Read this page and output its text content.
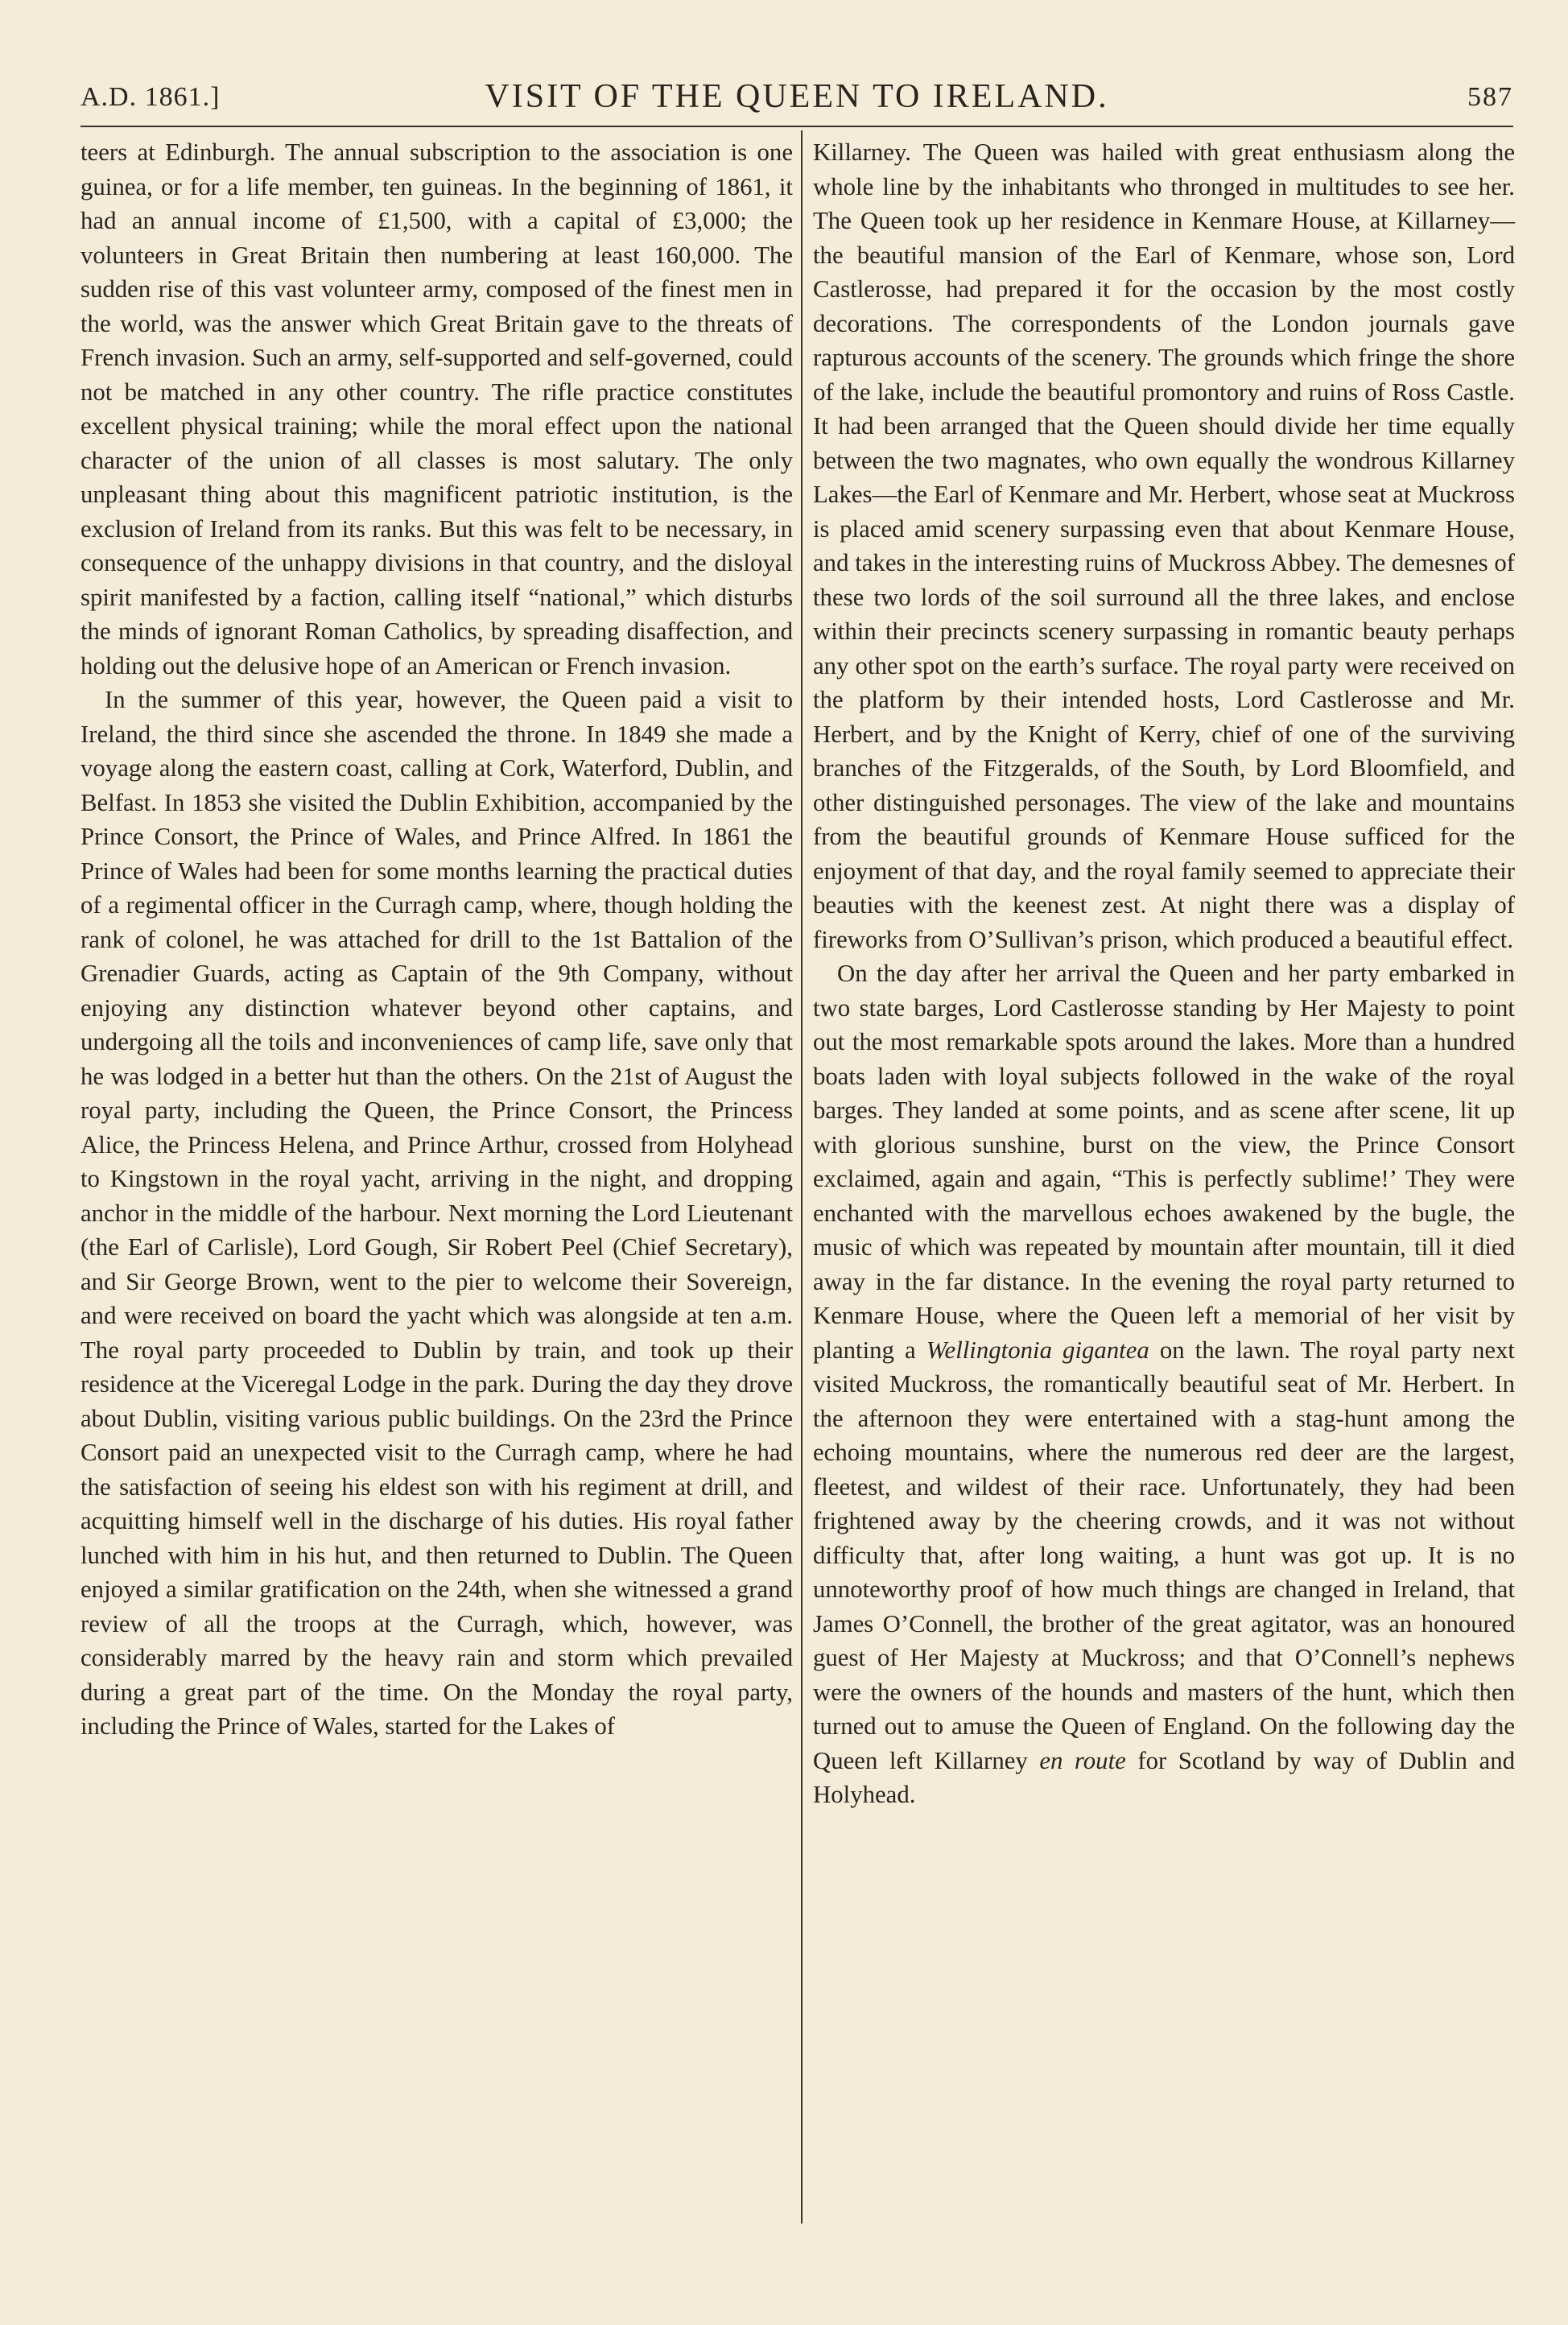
A.D. 1861.]	VISIT OF THE QUEEN TO IRELAND.	587

teers at Edinburgh. The annual subscription to the association is one guinea, or for a life member, ten guineas. In the beginning of 1861, it had an annual income of £1,500, with a capital of £3,000; the volunteers in Great Britain then numbering at least 160,000. The sudden rise of this vast volunteer army, composed of the finest men in the world, was the answer which Great Britain gave to the threats of French invasion. Such an army, self-supported and self-governed, could not be matched in any other country. The rifle practice constitutes excellent physical training; while the moral effect upon the national character of the union of all classes is most salutary. The only unpleasant thing about this magnificent patriotic institution, is the exclusion of Ireland from its ranks. But this was felt to be necessary, in consequence of the unhappy divisions in that country, and the disloyal spirit manifested by a faction, calling itself “national,” which disturbs the minds of ignorant Roman Catholics, by spreading disaffection, and holding out the delusive hope of an American or French invasion.

In the summer of this year, however, the Queen paid a visit to Ireland, the third since she ascended the throne. In 1849 she made a voyage along the eastern coast, calling at Cork, Waterford, Dublin, and Belfast. In 1853 she visited the Dublin Exhibition, accompanied by the Prince Consort, the Prince of Wales, and Prince Alfred. In 1861 the Prince of Wales had been for some months learning the practical duties of a regimental officer in the Curragh camp, where, though holding the rank of colonel, he was attached for drill to the 1st Battalion of the Grenadier Guards, acting as Captain of the 9th Company, without enjoying any distinction whatever beyond other captains, and undergoing all the toils and inconveniences of camp life, save only that he was lodged in a better hut than the others. On the 21st of August the royal party, including the Queen, the Prince Consort, the Princess Alice, the Princess Helena, and Prince Arthur, crossed from Holyhead to Kingstown in the royal yacht, arriving in the night, and dropping anchor in the middle of the harbour. Next morning the Lord Lieutenant (the Earl of Carlisle), Lord Gough, Sir Robert Peel (Chief Secretary), and Sir George Brown, went to the pier to welcome their Sovereign, and were received on board the yacht which was alongside at ten a.m. The royal party proceeded to Dublin by train, and took up their residence at the Viceregal Lodge in the park. During the day they drove about Dublin, visiting various public buildings. On the 23rd the Prince Consort paid an unexpected visit to the Curragh camp, where he had the satisfaction of seeing his eldest son with his regiment at drill, and acquitting himself well in the discharge of his duties. His royal father lunched with him in his hut, and then returned to Dublin. The Queen enjoyed a similar gratification on the 24th, when she witnessed a grand review of all the troops at the Curragh, which, however, was considerably marred by the heavy rain and storm which prevailed during a great part of the time. On the Monday the royal party, including the Prince of Wales, started for the Lakes of

Killarney. The Queen was hailed with great enthusiasm along the whole line by the inhabitants who thronged in multitudes to see her. The Queen took up her residence in Kenmare House, at Killarney—the beautiful mansion of the Earl of Kenmare, whose son, Lord Castlerosse, had prepared it for the occasion by the most costly decorations. The correspondents of the London journals gave rapturous accounts of the scenery. The grounds which fringe the shore of the lake, include the beautiful promontory and ruins of Ross Castle. It had been arranged that the Queen should divide her time equally between the two magnates, who own equally the wondrous Killarney Lakes—the Earl of Kenmare and Mr. Herbert, whose seat at Muckross is placed amid scenery surpassing even that about Kenmare House, and takes in the interesting ruins of Muckross Abbey. The demesnes of these two lords of the soil surround all the three lakes, and enclose within their precincts scenery surpassing in romantic beauty perhaps any other spot on the earth’s surface. The royal party were received on the platform by their intended hosts, Lord Castlerosse and Mr. Herbert, and by the Knight of Kerry, chief of one of the surviving branches of the Fitzgeralds, of the South, by Lord Bloomfield, and other distinguished personages. The view of the lake and mountains from the beautiful grounds of Kenmare House sufficed for the enjoyment of that day, and the royal family seemed to appreciate their beauties with the keenest zest. At night there was a display of fireworks from O’Sullivan’s prison, which produced a beautiful effect.

On the day after her arrival the Queen and her party embarked in two state barges, Lord Castlerosse standing by Her Majesty to point out the most remarkable spots around the lakes. More than a hundred boats laden with loyal subjects followed in the wake of the royal barges. They landed at some points, and as scene after scene, lit up with glorious sunshine, burst on the view, the Prince Consort exclaimed, again and again, “This is perfectly sublime!’ They were enchanted with the marvellous echoes awakened by the bugle, the music of which was repeated by mountain after mountain, till it died away in the far distance. In the evening the royal party returned to Kenmare House, where the Queen left a memorial of her visit by planting a Wellingtonia gigantea on the lawn. The royal party next visited Muckross, the romantically beautiful seat of Mr. Herbert. In the afternoon they were entertained with a stag-hunt among the echoing mountains, where the numerous red deer are the largest, fleetest, and wildest of their race. Unfortunately, they had been frightened away by the cheering crowds, and it was not without difficulty that, after long waiting, a hunt was got up. It is no unnoteworthy proof of how much things are changed in Ireland, that James O’Connell, the brother of the great agitator, was an honoured guest of Her Majesty at Muckross; and that O’Connell’s nephews were the owners of the hounds and masters of the hunt, which then turned out to amuse the Queen of England. On the following day the Queen left Killarney en route for Scotland by way of Dublin and Holyhead.
